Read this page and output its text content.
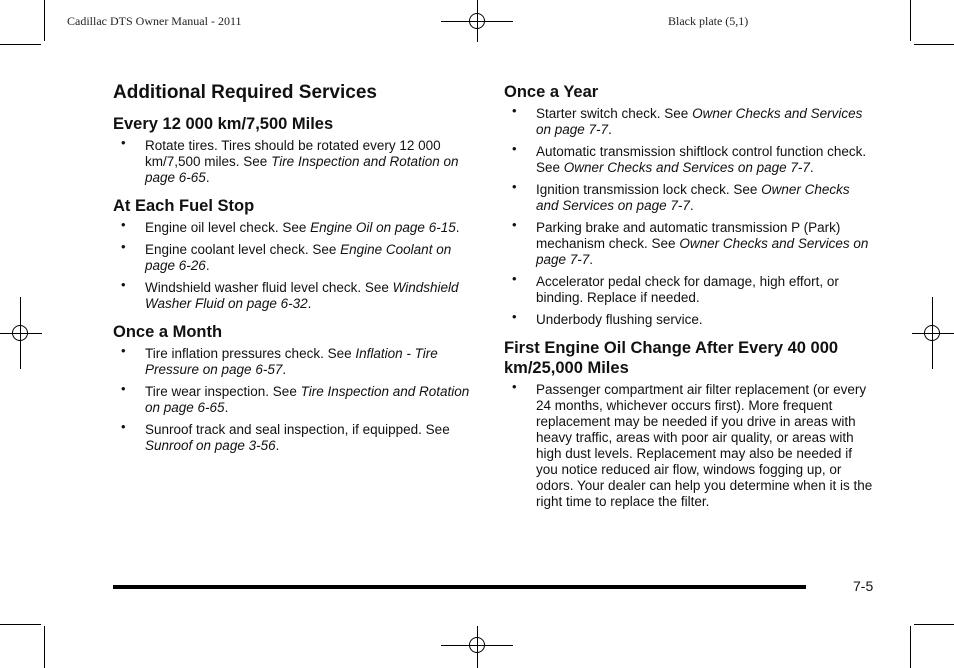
Cadillac DTS Owner Manual - 2011	Black plate (5,1)
Additional Required Services
Every 12 000 km/7,500 Miles
• Rotate tires. Tires should be rotated every 12 000 km/7,500 miles. See Tire Inspection and Rotation on page 6-65.
At Each Fuel Stop
• Engine oil level check. See Engine Oil on page 6-15.
• Engine coolant level check. See Engine Coolant on page 6-26.
• Windshield washer fluid level check. See Windshield Washer Fluid on page 6-32.
Once a Month
• Tire inflation pressures check. See Inflation - Tire Pressure on page 6-57.
• Tire wear inspection. See Tire Inspection and Rotation on page 6-65.
• Sunroof track and seal inspection, if equipped. See Sunroof on page 3-56.
Once a Year
• Starter switch check. See Owner Checks and Services on page 7-7.
• Automatic transmission shiftlock control function check. See Owner Checks and Services on page 7-7.
• Ignition transmission lock check. See Owner Checks and Services on page 7-7.
• Parking brake and automatic transmission P (Park) mechanism check. See Owner Checks and Services on page 7-7.
• Accelerator pedal check for damage, high effort, or binding. Replace if needed.
• Underbody flushing service.
First Engine Oil Change After Every 40 000 km/25,000 Miles
• Passenger compartment air filter replacement (or every 24 months, whichever occurs first). More frequent replacement may be needed if you drive in areas with heavy traffic, areas with poor air quality, or areas with high dust levels. Replacement may also be needed if you notice reduced air flow, windows fogging up, or odors. Your dealer can help you determine when it is the right time to replace the filter.
7-5
